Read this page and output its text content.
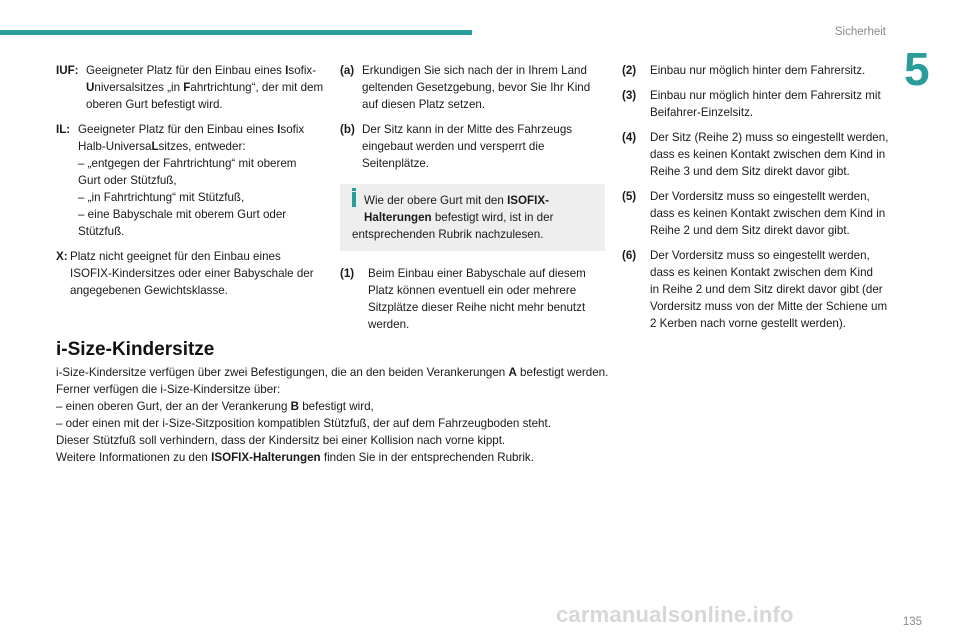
Sicherheit
5
IUF: Geeigneter Platz für den Einbau eines Isofix-
Universalsitzes „in Fahrtrichtung“, der mit dem
oberen Gurt befestigt wird.
IL: Geeigneter Platz für den Einbau eines Isofix
Halb-UniversaLsitzes, entweder:
– „entgegen der Fahrtrichtung“ mit oberem
Gurt oder Stützfuß,
– „in Fahrtrichtung“ mit Stützfuß,
– eine Babyschale mit oberem Gurt oder
Stützfuß.
X: Platz nicht geeignet für den Einbau eines
ISOFIX-Kindersitzes oder einer Babyschale der
angegebenen Gewichtsklasse.
(a) Erkundigen Sie sich nach der in Ihrem Land
geltenden Gesetzgebung, bevor Sie Ihr Kind
auf diesen Platz setzen.
(b) Der Sitz kann in der Mitte des Fahrzeugs
eingebaut werden und versperrt die
Seitenplätze.
Wie der obere Gurt mit den ISOFIX-
Halterungen befestigt wird, ist in der
entsprechenden Rubrik nachzulesen.
(1)	Beim Einbau einer Babyschale auf diesem
Platz können eventuell ein oder mehrere
Sitzplätze dieser Reihe nicht mehr benutzt
werden.
(2)	Einbau nur möglich hinter dem Fahrersitz.
(3)	Einbau nur möglich hinter dem Fahrersitz mit
Beifahrer-Einzelsitz.
(4)	Der Sitz (Reihe 2) muss so eingestellt werden,
dass es keinen Kontakt zwischen dem Kind in
Reihe 3 und dem Sitz direkt davor gibt.
(5)	Der Vordersitz muss so eingestellt werden,
dass es keinen Kontakt zwischen dem Kind in
Reihe 2 und dem Sitz direkt davor gibt.
(6)	Der Vordersitz muss so eingestellt werden,
dass es keinen Kontakt zwischen dem Kind
in Reihe 2 und dem Sitz direkt davor gibt (der
Vordersitz muss von der Mitte der Schiene um
2 Kerben nach vorne gestellt werden).
i-Size-Kindersitze
i-Size-Kindersitze verfügen über zwei Befestigungen, die an den beiden Verankerungen A befestigt werden.
Ferner verfügen die i-Size-Kindersitze über:
– einen oberen Gurt, der an der Verankerung B befestigt wird,
– oder einen mit der i-Size-Sitzposition kompatiblen Stützfuß, der auf dem Fahrzeugboden steht.
Dieser Stützfuß soll verhindern, dass der Kindersitz bei einer Kollision nach vorne kippt.
Weitere Informationen zu den ISOFIX-Halterungen finden Sie in der entsprechenden Rubrik.
carmanualsonline.info	135
